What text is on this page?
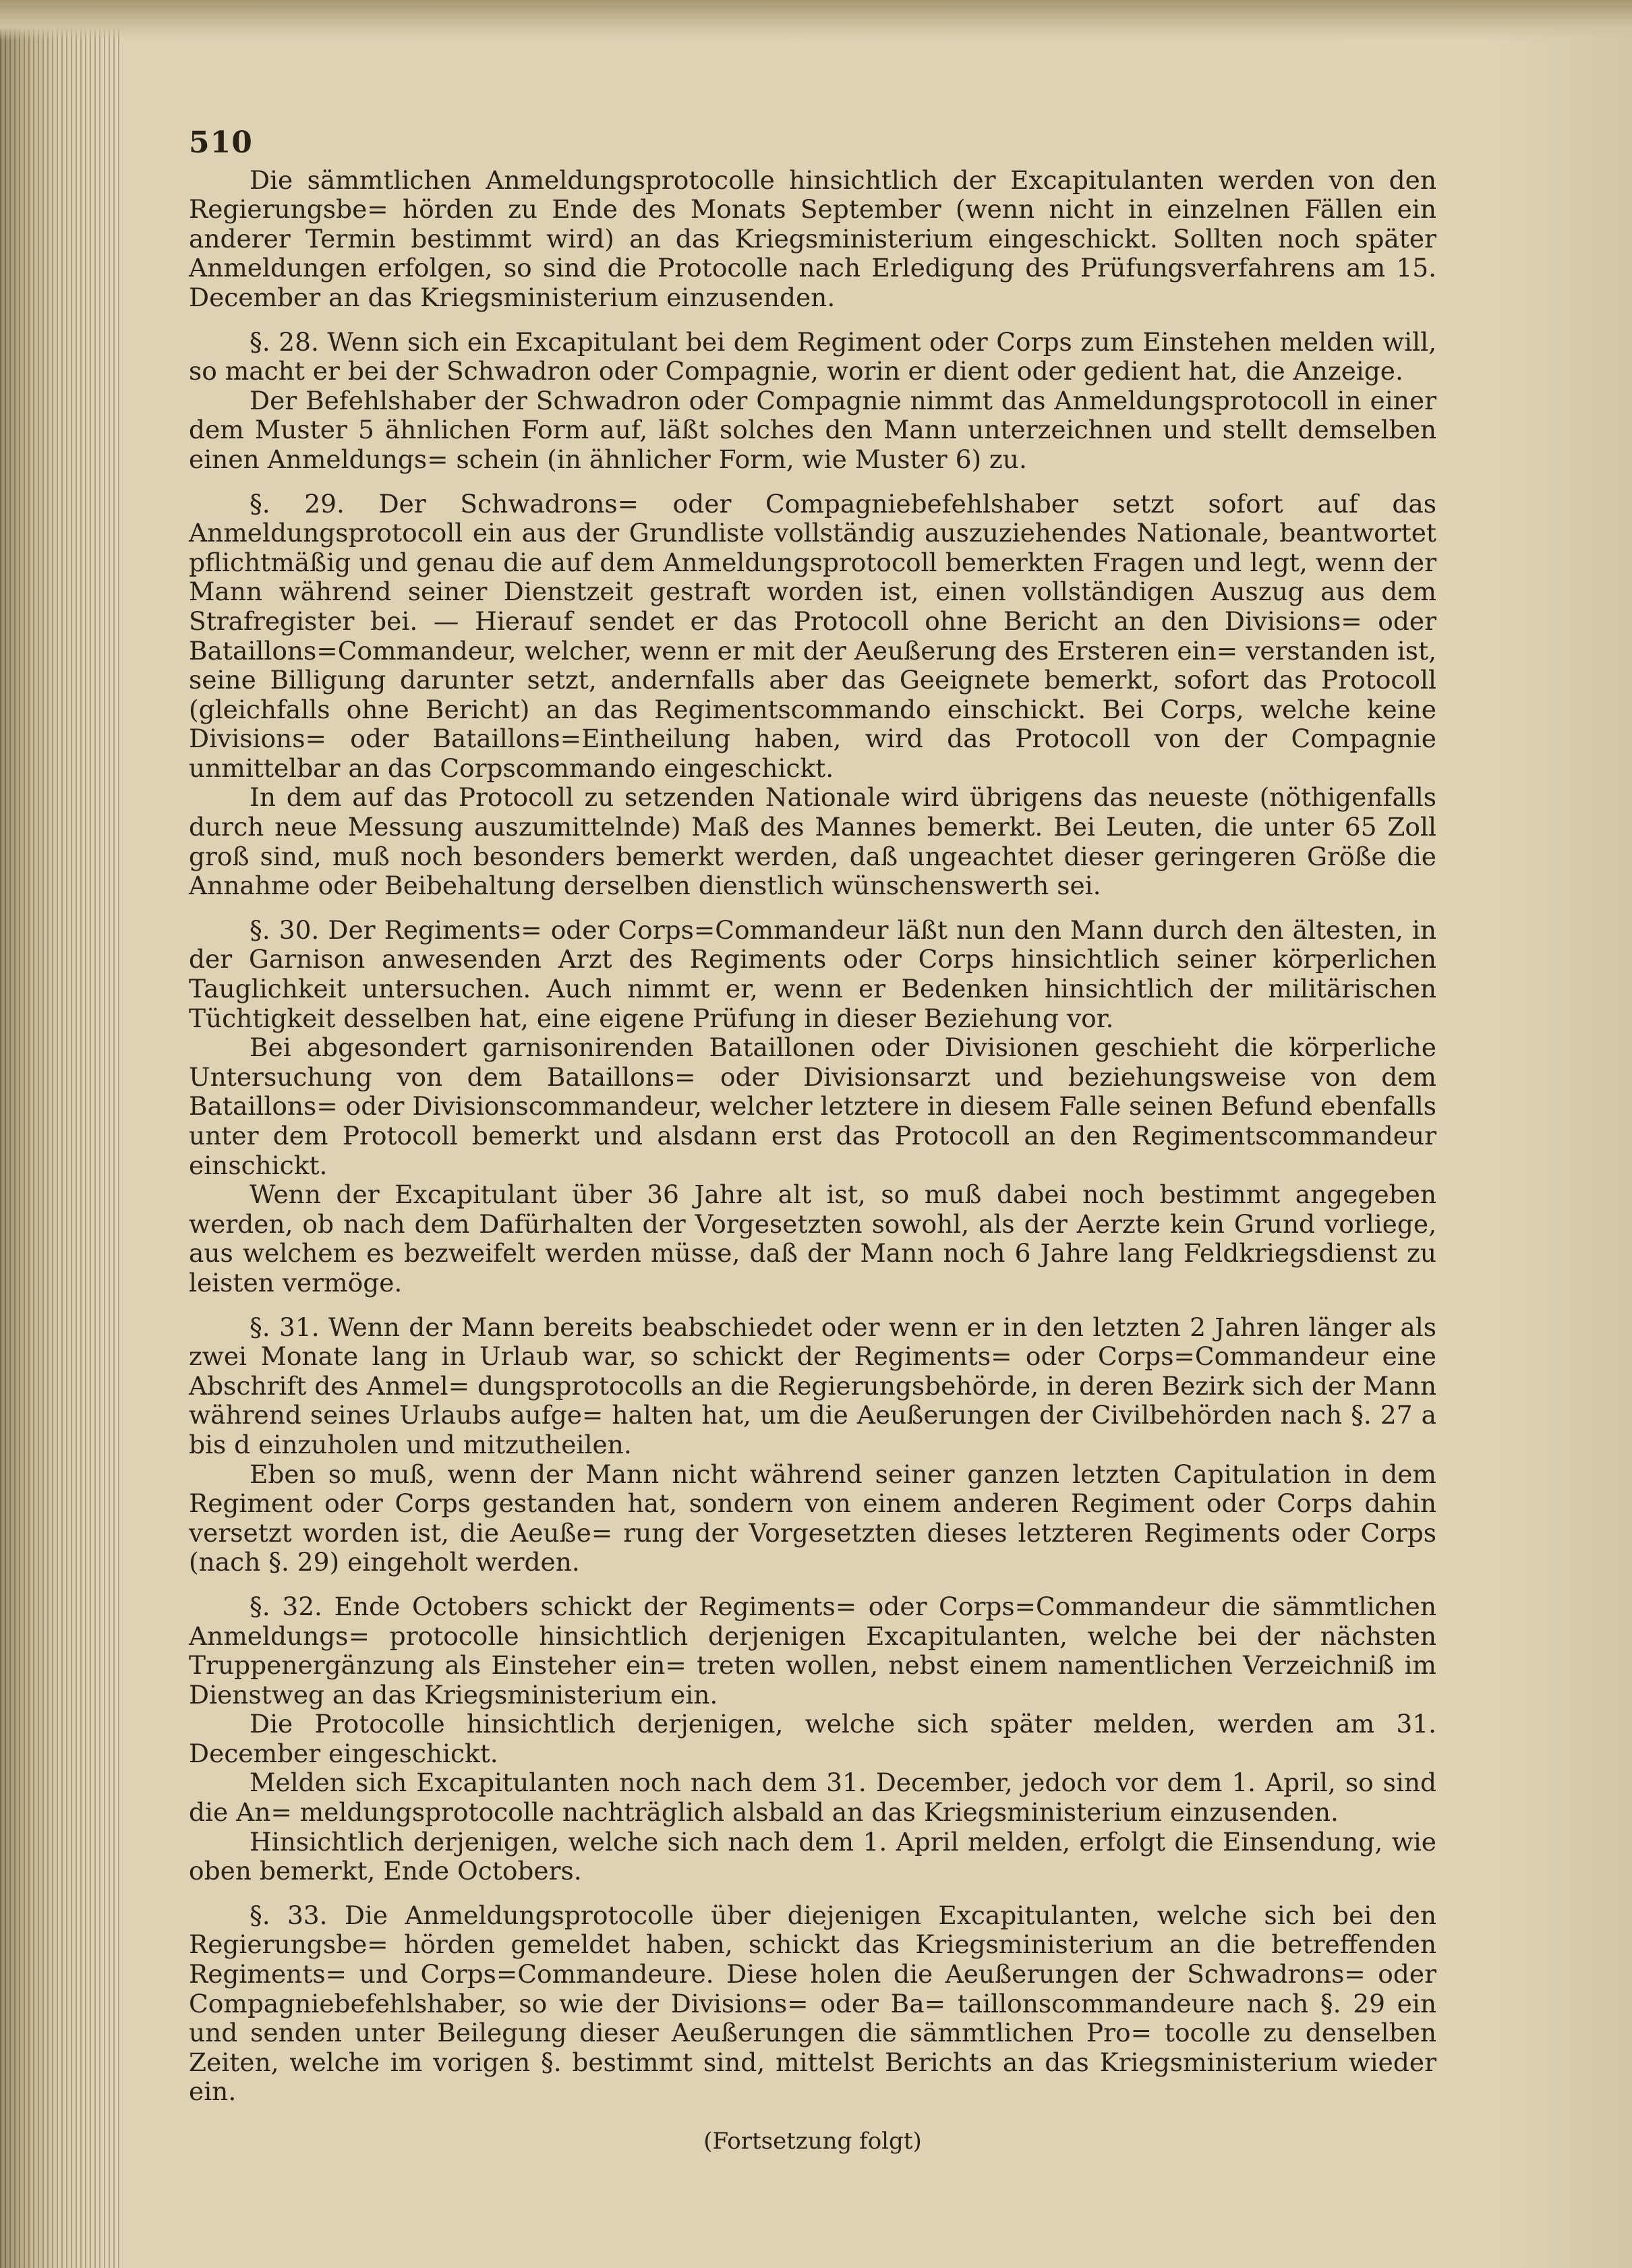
510

Die sämmtlichen Anmeldungsprotocolle hinsichtlich der Excapitulanten werden von den Regierungsbe= hörden zu Ende des Monats September (wenn nicht in einzelnen Fällen ein anderer Termin bestimmt wird) an das Kriegsministerium eingeschickt. Sollten noch später Anmeldungen erfolgen, so sind die Protocolle nach Erledigung des Prüfungsverfahrens am 15. December an das Kriegsministerium einzusenden.

§. 28. Wenn sich ein Excapitulant bei dem Regiment oder Corps zum Einstehen melden will, so macht er bei der Schwadron oder Compagnie, worin er dient oder gedient hat, die Anzeige.

Der Befehlshaber der Schwadron oder Compagnie nimmt das Anmeldungsprotocoll in einer dem Muster 5 ähnlichen Form auf, läßt solches den Mann unterzeichnen und stellt demselben einen Anmeldungs= schein (in ähnlicher Form, wie Muster 6) zu.

§. 29. Der Schwadrons= oder Compagniebefehlshaber setzt sofort auf das Anmeldungsprotocoll ein aus der Grundliste vollständig auszuziehendes Nationale, beantwortet pflichtmäßig und genau die auf dem Anmeldungsprotocoll bemerkten Fragen und legt, wenn der Mann während seiner Dienstzeit gestraft worden ist, einen vollständigen Auszug aus dem Strafregister bei. — Hierauf sendet er das Protocoll ohne Bericht an den Divisions= oder Bataillons=Commandeur, welcher, wenn er mit der Aeußerung des Ersteren ein= verstanden ist, seine Billigung darunter setzt, andernfalls aber das Geeignete bemerkt, sofort das Protocoll (gleichfalls ohne Bericht) an das Regimentscommando einschickt. Bei Corps, welche keine Divisions= oder Bataillons=Eintheilung haben, wird das Protocoll von der Compagnie unmittelbar an das Corpscommando eingeschickt.

In dem auf das Protocoll zu setzenden Nationale wird übrigens das neueste (nöthigenfalls durch neue Messung auszumittelnde) Maß des Mannes bemerkt. Bei Leuten, die unter 65 Zoll groß sind, muß noch besonders bemerkt werden, daß ungeachtet dieser geringeren Größe die Annahme oder Beibehaltung derselben dienstlich wünschenswerth sei.

§. 30. Der Regiments= oder Corps=Commandeur läßt nun den Mann durch den ältesten, in der Garnison anwesenden Arzt des Regiments oder Corps hinsichtlich seiner körperlichen Tauglichkeit untersuchen. Auch nimmt er, wenn er Bedenken hinsichtlich der militärischen Tüchtigkeit desselben hat, eine eigene Prüfung in dieser Beziehung vor.

Bei abgesondert garnisonirenden Bataillonen oder Divisionen geschieht die körperliche Untersuchung von dem Bataillons= oder Divisionsarzt und beziehungsweise von dem Bataillons= oder Divisionscommandeur, welcher letztere in diesem Falle seinen Befund ebenfalls unter dem Protocoll bemerkt und alsdann erst das Protocoll an den Regimentscommandeur einschickt.

Wenn der Excapitulant über 36 Jahre alt ist, so muß dabei noch bestimmt angegeben werden, ob nach dem Dafürhalten der Vorgesetzten sowohl, als der Aerzte kein Grund vorliege, aus welchem es bezweifelt werden müsse, daß der Mann noch 6 Jahre lang Feldkriegsdienst zu leisten vermöge.

§. 31. Wenn der Mann bereits beabschiedet oder wenn er in den letzten 2 Jahren länger als zwei Monate lang in Urlaub war, so schickt der Regiments= oder Corps=Commandeur eine Abschrift des Anmel= dungsprotocolls an die Regierungsbehörde, in deren Bezirk sich der Mann während seines Urlaubs aufge= halten hat, um die Aeußerungen der Civilbehörden nach §. 27 a bis d einzuholen und mitzutheilen.

Eben so muß, wenn der Mann nicht während seiner ganzen letzten Capitulation in dem Regiment oder Corps gestanden hat, sondern von einem anderen Regiment oder Corps dahin versetzt worden ist, die Aeuße= rung der Vorgesetzten dieses letzteren Regiments oder Corps (nach §. 29) eingeholt werden.

§. 32. Ende Octobers schickt der Regiments= oder Corps=Commandeur die sämmtlichen Anmeldungs= protocolle hinsichtlich derjenigen Excapitulanten, welche bei der nächsten Truppenergänzung als Einsteher ein= treten wollen, nebst einem namentlichen Verzeichniß im Dienstweg an das Kriegsministerium ein.

Die Protocolle hinsichtlich derjenigen, welche sich später melden, werden am 31. December eingeschickt.

Melden sich Excapitulanten noch nach dem 31. December, jedoch vor dem 1. April, so sind die An= meldungsprotocolle nachträglich alsbald an das Kriegsministerium einzusenden.

Hinsichtlich derjenigen, welche sich nach dem 1. April melden, erfolgt die Einsendung, wie oben bemerkt, Ende Octobers.

§. 33. Die Anmeldungsprotocolle über diejenigen Excapitulanten, welche sich bei den Regierungsbe= hörden gemeldet haben, schickt das Kriegsministerium an die betreffenden Regiments= und Corps=Commandeure. Diese holen die Aeußerungen der Schwadrons= oder Compagniebefehlshaber, so wie der Divisions= oder Ba= taillonscommandeure nach §. 29 ein und senden unter Beilegung dieser Aeußerungen die sämmtlichen Pro= tocolle zu denselben Zeiten, welche im vorigen §. bestimmt sind, mittelst Berichts an das Kriegsministerium wieder ein.

(Fortsetzung folgt)
